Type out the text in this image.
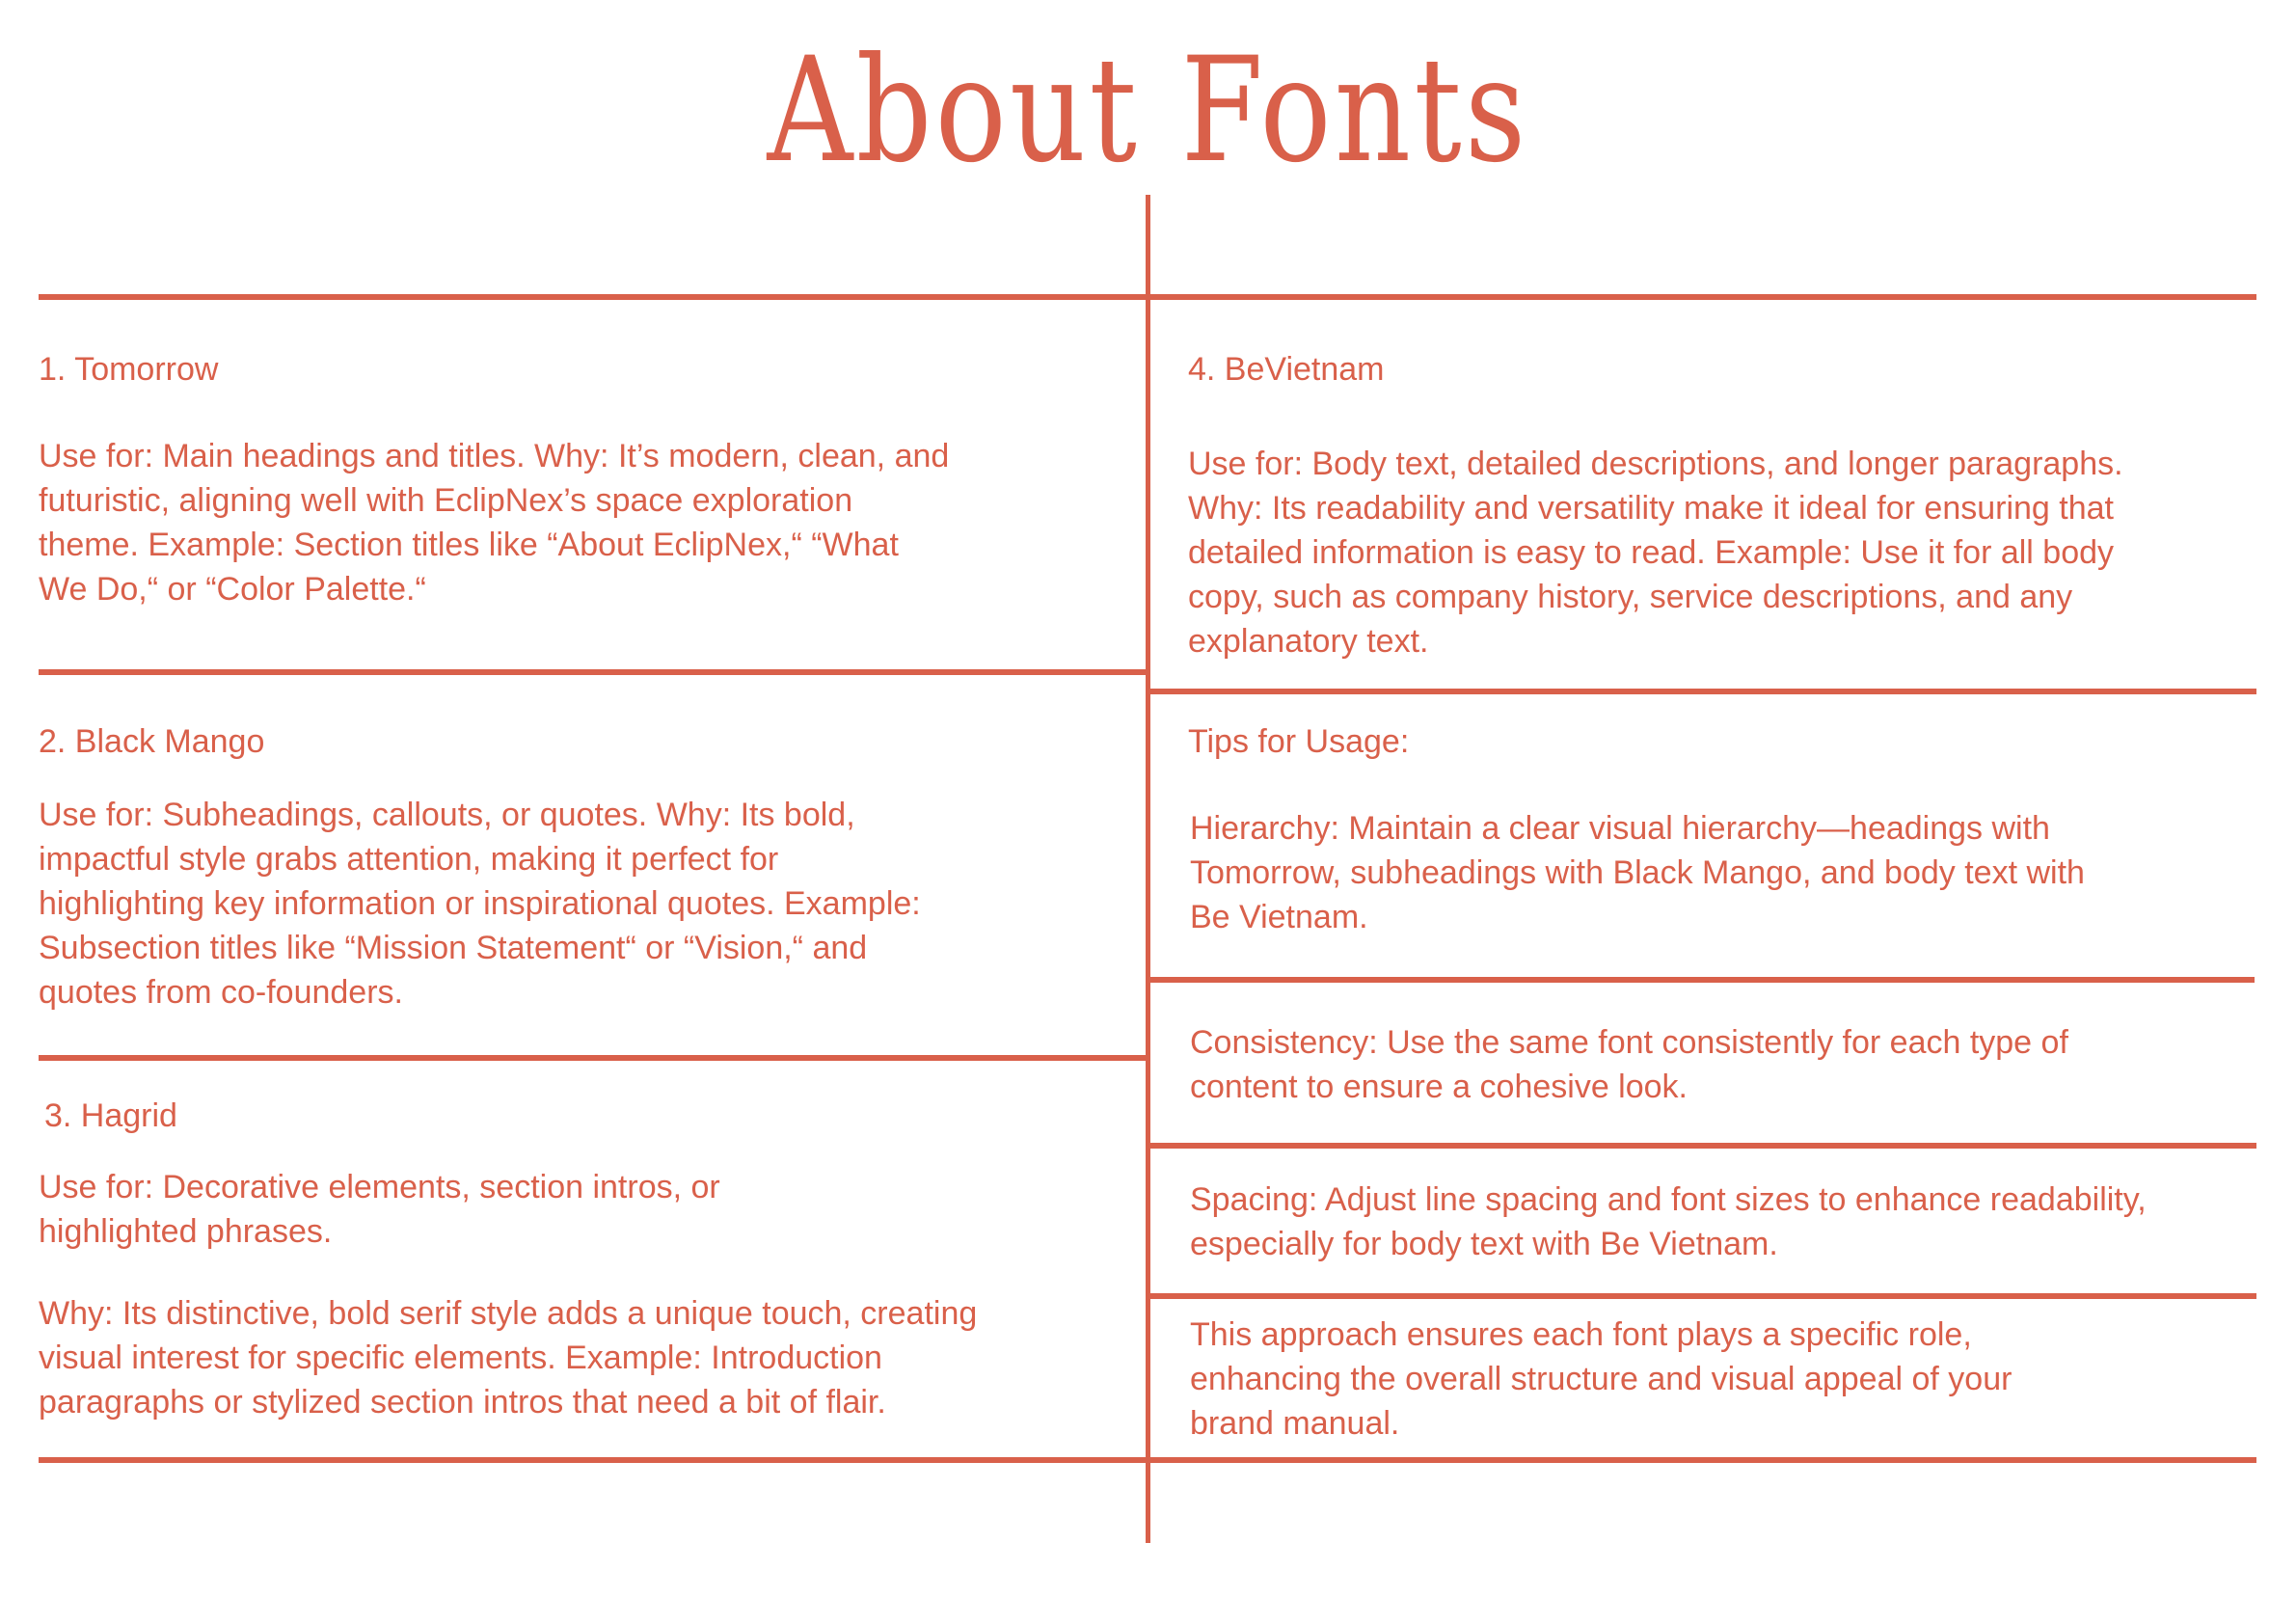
About Fonts

1. Tomorrow

Use for: Main headings and titles. Why: It’s modern, clean, and

futuristic, aligning well with EclipNex’s space exploration

theme. Example: Section titles like “About EclipNex,“ “What

We Do,“ or “Color Palette.“

2. Black Mango

Use for: Subheadings, callouts, or quotes. Why: Its bold,

impactful style grabs attention, making it perfect for

highlighting key information or inspirational quotes. Example:

Subsection titles like “Mission Statement“ or “Vision,“ and

quotes from co-founders.

3. Hagrid

Use for: Decorative elements, section intros, or

highlighted phrases.

Why: Its distinctive, bold serif style adds a unique touch, creating

visual interest for specific elements. Example: Introduction

paragraphs or stylized section intros that need a bit of flair.

4. BeVietnam

Use for: Body text, detailed descriptions, and longer paragraphs.

Why: Its readability and versatility make it ideal for ensuring that

detailed information is easy to read. Example: Use it for all body

copy, such as company history, service descriptions, and any

explanatory text.

Tips for Usage:

Hierarchy: Maintain a clear visual hierarchy—headings with

Tomorrow, subheadings with Black Mango, and body text with

Be Vietnam.

Consistency: Use the same font consistently for each type of

content to ensure a cohesive look.

Spacing: Adjust line spacing and font sizes to enhance readability,

especially for body text with Be Vietnam.

This approach ensures each font plays a specific role,

enhancing the overall structure and visual appeal of your

brand manual.
